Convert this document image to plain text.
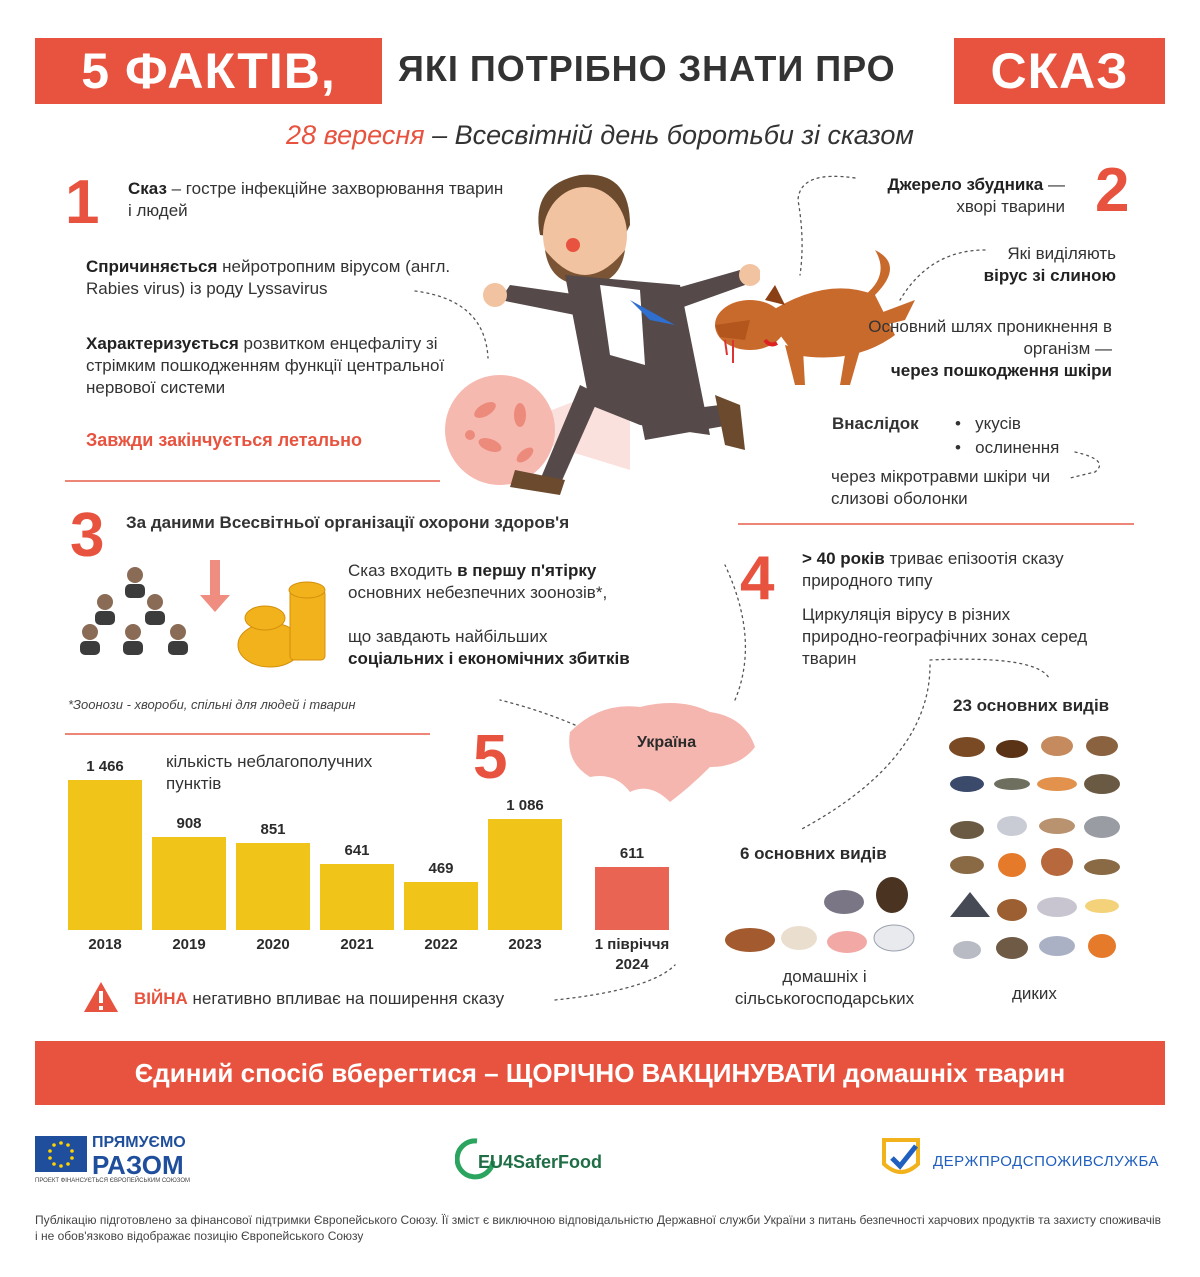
5 ФАКТІВ, ЯКІ ПОТРІБНО ЗНАТИ ПРО СКАЗ
28 вересня – Всесвітній день боротьби зі сказом
1 Сказ – гостре інфекційне захворювання тварин і людей
Спричиняється нейротропним вірусом (англ. Rabies virus) із роду Lyssavirus
Характеризується розвитком енцефаліту зі стрімким пошкодженням функції центральної нервової системи
Завжди закінчується летально
2
Джерело збудника — хворі тварини
Які виділяють
вірус зі слиною
Основний шлях проникнення в організм —
через пошкодження шкіри
Внаслідок •   укусів
•   ослинення
через мікротравми шкіри чи слизові оболонки
3 За даними Всесвітньої організації охорони здоров'я
Сказ входить в першу п'ятірку основних небезпечних зоонозів*,
що завдають найбільших
соціальних і економічних збитків
*Зоонози - хвороби, спільні для людей і тварин
4 > 40 років триває епізоотія сказу природного типу
Циркуляція вірусу в різних природно-географічних зонах серед тварин
23 основних видів
диких
6 основних видів
домашніх і сільськогосподарських
Україна
5
кількість неблагополучних пунктів
1 466
2018
908
2019
851
2020
641
2021
469
2022
1 086
2023
611
1 півріччя 2024
ВІЙНА негативно впливає на поширення сказу
Єдиний спосіб вберегтися – ЩОРІЧНО ВАКЦИНУВАТИ домашніх тварин
ПРЯМУЄМО
РАЗОМ
ПРОЕКТ ФІНАНСУЄТЬСЯ ЄВРОПЕЙСЬКИМ СОЮЗОМ
EU4SaferFood	ДЕРЖПРОДСПОЖИВСЛУЖБА
Публікацію підготовлено за фінансової підтримки Європейського Союзу. Її зміст є виключною відповідальністю Державної служби України з питань безпечності харчових продуктів та захисту споживачів і не обов'язково відображає позицію Європейського Союзу
